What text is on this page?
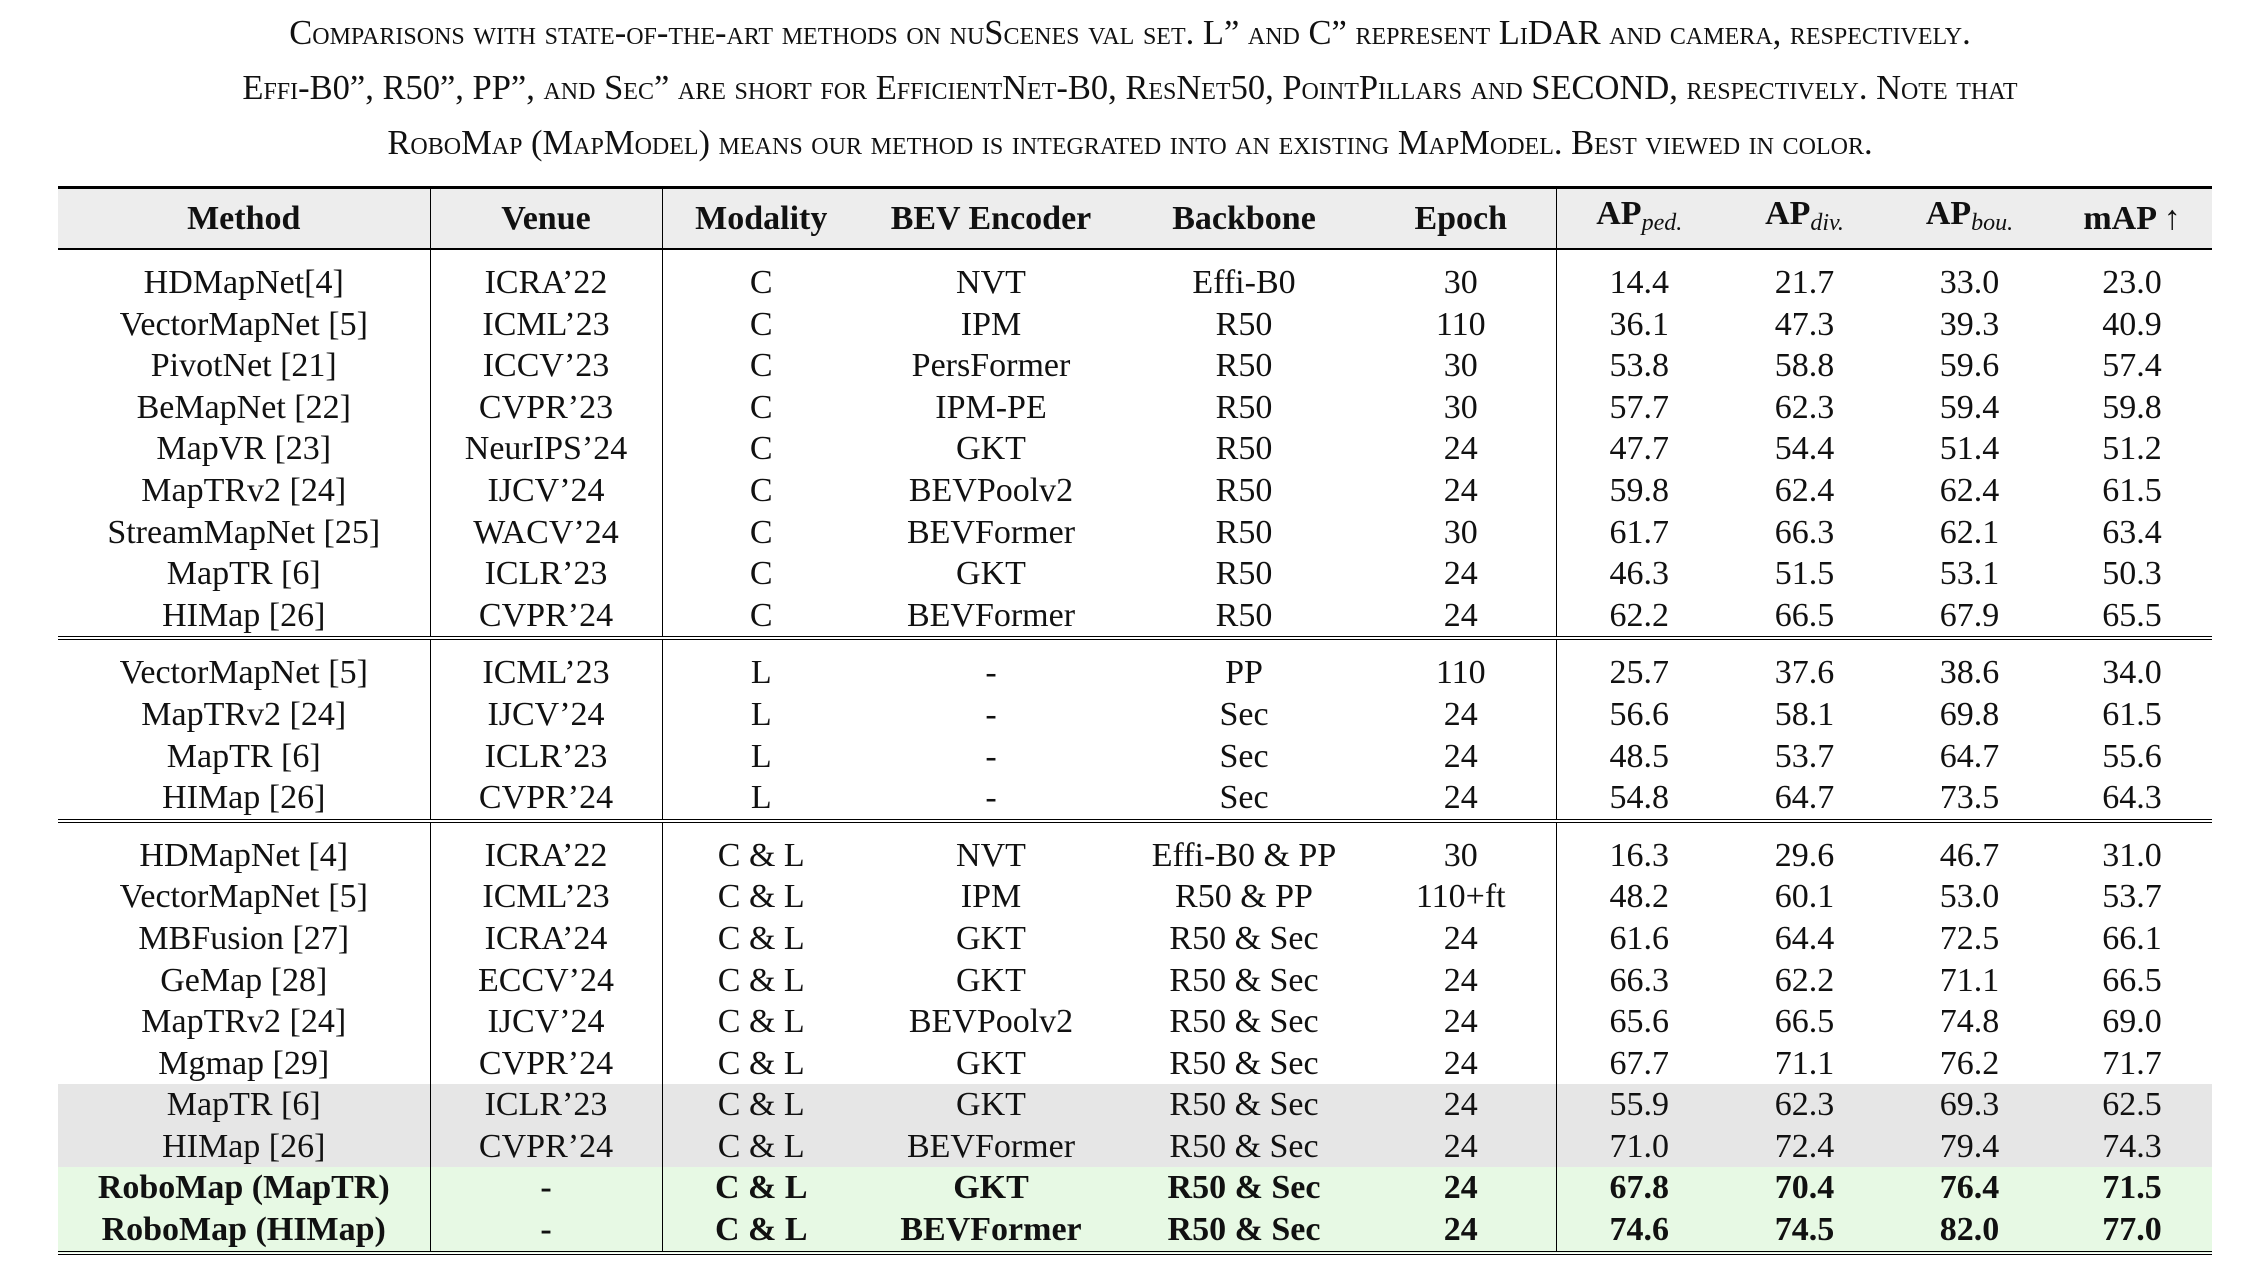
Comparisons with state-of-the-art methods on nuScenes val set. L” and C” represent LiDAR and camera, respectively.
Effi-B0”, R50”, PP”, and Sec” are short for EfficientNet-B0, ResNet50, PointPillars and SECOND, respectively. Note that
RoboMap (MapModel) means our method is integrated into an existing MapModel. Best viewed in color.
Method	Venue	Modality	BEV Encoder	Backbone	Epoch	$AP_{ped.}$	$AP_{div.}$	$AP_{bou.}$	mAP ↑

HDMapNet[4]	ICRA’22	C	NVT	Effi-B0	30	14.4	21.7	33.0	23.0
VectorMapNet [5]	ICML’23	C	IPM	R50	110	36.1	47.3	39.3	40.9
PivotNet [21]	ICCV’23	C	PersFormer	R50	30	53.8	58.8	59.6	57.4
BeMapNet [22]	CVPR’23	C	IPM-PE	R50	30	57.7	62.3	59.4	59.8
MapVR [23]	NeurIPS’24	C	GKT	R50	24	47.7	54.4	51.4	51.2
MapTRv2 [24]	IJCV’24	C	BEVPoolv2	R50	24	59.8	62.4	62.4	61.5
StreamMapNet [25]	WACV’24	C	BEVFormer	R50	30	61.7	66.3	62.1	63.4
MapTR [6]	ICLR’23	C	GKT	R50	24	46.3	51.5	53.1	50.3
HIMap [26]	CVPR’24	C	BEVFormer	R50	24	62.2	66.5	67.9	65.5

VectorMapNet [5]	ICML’23	L	-	PP	110	25.7	37.6	38.6	34.0
MapTRv2 [24]	IJCV’24	L	-	Sec	24	56.6	58.1	69.8	61.5
MapTR [6]	ICLR’23	L	-	Sec	24	48.5	53.7	64.7	55.6
HIMap [26]	CVPR’24	L	-	Sec	24	54.8	64.7	73.5	64.3

HDMapNet [4]	ICRA’22	C & L	NVT	Effi-B0 & PP	30	16.3	29.6	46.7	31.0
VectorMapNet [5]	ICML’23	C & L	IPM	R50 & PP	110+ft	48.2	60.1	53.0	53.7
MBFusion [27]	ICRA’24	C & L	GKT	R50 & Sec	24	61.6	64.4	72.5	66.1
GeMap [28]	ECCV’24	C & L	GKT	R50 & Sec	24	66.3	62.2	71.1	66.5
MapTRv2 [24]	IJCV’24	C & L	BEVPoolv2	R50 & Sec	24	65.6	66.5	74.8	69.0
Mgmap [29]	CVPR’24	C & L	GKT	R50 & Sec	24	67.7	71.1	76.2	71.7
MapTR [6]	ICLR’23	C & L	GKT	R50 & Sec	24	55.9	62.3	69.3	62.5
HIMap [26]	CVPR’24	C & L	BEVFormer	R50 & Sec	24	71.0	72.4	79.4	74.3
RoboMap (MapTR)	-	C & L	GKT	R50 & Sec	24	67.8	70.4	76.4	71.5
RoboMap (HIMap)	-	C & L	BEVFormer	R50 & Sec	24	74.6	74.5	82.0	77.0
